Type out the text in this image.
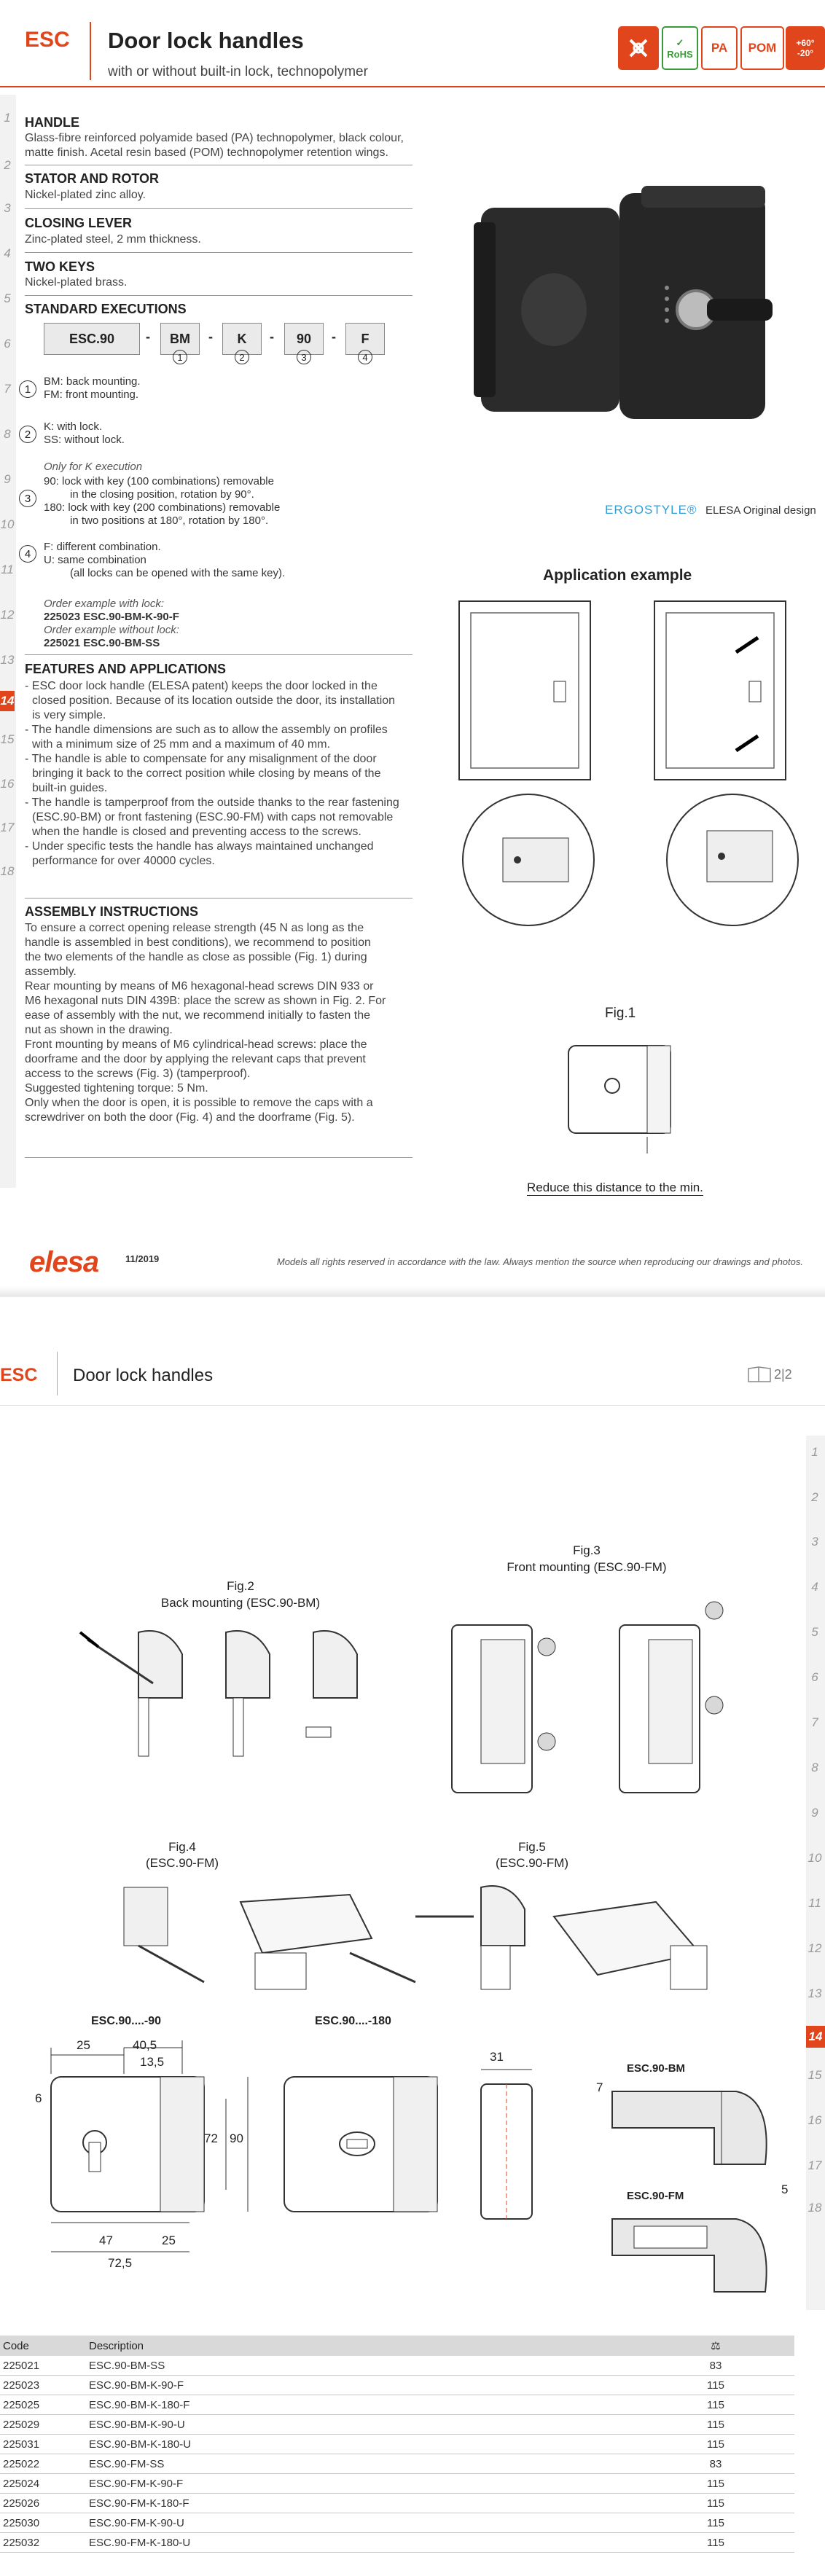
ESC Door lock handles
with or without built-in lock, technopolymer
✓
RoHS	PA	POM	+60°
-20°
1
2
3
4
5
6
7
8
9
10
11
12
13
14
15
16
17
18
HANDLE
Glass-fibre reinforced polyamide based (PA) technopolymer, black colour,
matte finish. Acetal resin based (POM) technopolymer retention wings.
STATOR AND ROTOR
Nickel-plated zinc alloy.
CLOSING LEVER
Zinc-plated steel, 2 mm thickness.
TWO KEYS
Nickel-plated brass.
STANDARD EXECUTIONS
ESC.90	-	BM	-	K	-	90	-	F
1	2	3	4
1
BM: back mounting.
FM: front mounting.
2
K: with lock.
SS: without lock.
Only for K execution
3
90: lock with key (100 combinations) removable
in the closing position, rotation by 90°.
180: lock with key (200 combinations) removable
in two positions at 180°, rotation by 180°.
4
F: different combination.
U: same combination
(all locks can be opened with the same key).
Order example with lock:
225023 ESC.90-BM-K-90-F
Order example without lock:
225021 ESC.90-BM-SS
FEATURES AND APPLICATIONS
- ESC door lock handle (ELESA patent) keeps the door locked in the
closed position. Because of its location outside the door, its installation
is very simple.
- The handle dimensions are such as to allow the assembly on profiles
with a minimum size of 25 mm and a maximum of 40 mm.
- The handle is able to compensate for any misalignment of the door
bringing it back to the correct position while closing by means of the
built-in guides.
- The handle is tamperproof from the outside thanks to the rear fastening
(ESC.90-BM) or front fastening (ESC.90-FM) with caps not removable
when the handle is closed and preventing access to the screws.
- Under specific tests the handle has always maintained unchanged
performance for over 40000 cycles.
ASSEMBLY INSTRUCTIONS
To ensure a correct opening release strength (45 N as long as the
handle is assembled in best conditions), we recommend to position
the two elements of the handle as close as possible (Fig. 1) during
assembly.
Rear mounting by means of M6 hexagonal-head screws DIN 933 or
M6 hexagonal nuts DIN 439B: place the screw as shown in Fig. 2. For
ease of assembly with the nut, we recommend initially to fasten the
nut as shown in the drawing.
Front mounting by means of M6 cylindrical-head screws: place the
doorframe and the door by applying the relevant caps that prevent
access to the screws (Fig. 3) (tamperproof).
Suggested tightening torque: 5 Nm.
Only when the door is open, it is possible to remove the caps with a
screwdriver on both the door (Fig. 4) and the doorframe (Fig. 5).
ERGOSTYLE® ELESA Original design
Application example
Fig.1
Reduce this distance to the min.
elesa	11/2019	Models all rights reserved in accordance with the law. Always mention the source when reproducing our drawings and photos.
ESC Door lock handles	2|2
1
2
3
4
5
6
7
8
9
10
11
12
13
14
15
16
17
18
Fig.2
Back mounting (ESC.90-BM)
Fig.3
Front mounting (ESC.90-FM)
Fig.4
(ESC.90-FM)
Fig.5
(ESC.90-FM)
ESC.90....-90	ESC.90....-180
25	40,5
13,5
6
72 90
47	25
72,5
31
ESC.90-BM
7
5
ESC.90-FM
Code	Description	⚖
225021	ESC.90-BM-SS	83
225023	ESC.90-BM-K-90-F	115
225025	ESC.90-BM-K-180-F	115
225029	ESC.90-BM-K-90-U	115
225031	ESC.90-BM-K-180-U	115
225022	ESC.90-FM-SS	83
225024	ESC.90-FM-K-90-F	115
225026	ESC.90-FM-K-180-F	115
225030	ESC.90-FM-K-90-U	115
225032	ESC.90-FM-K-180-U	115
